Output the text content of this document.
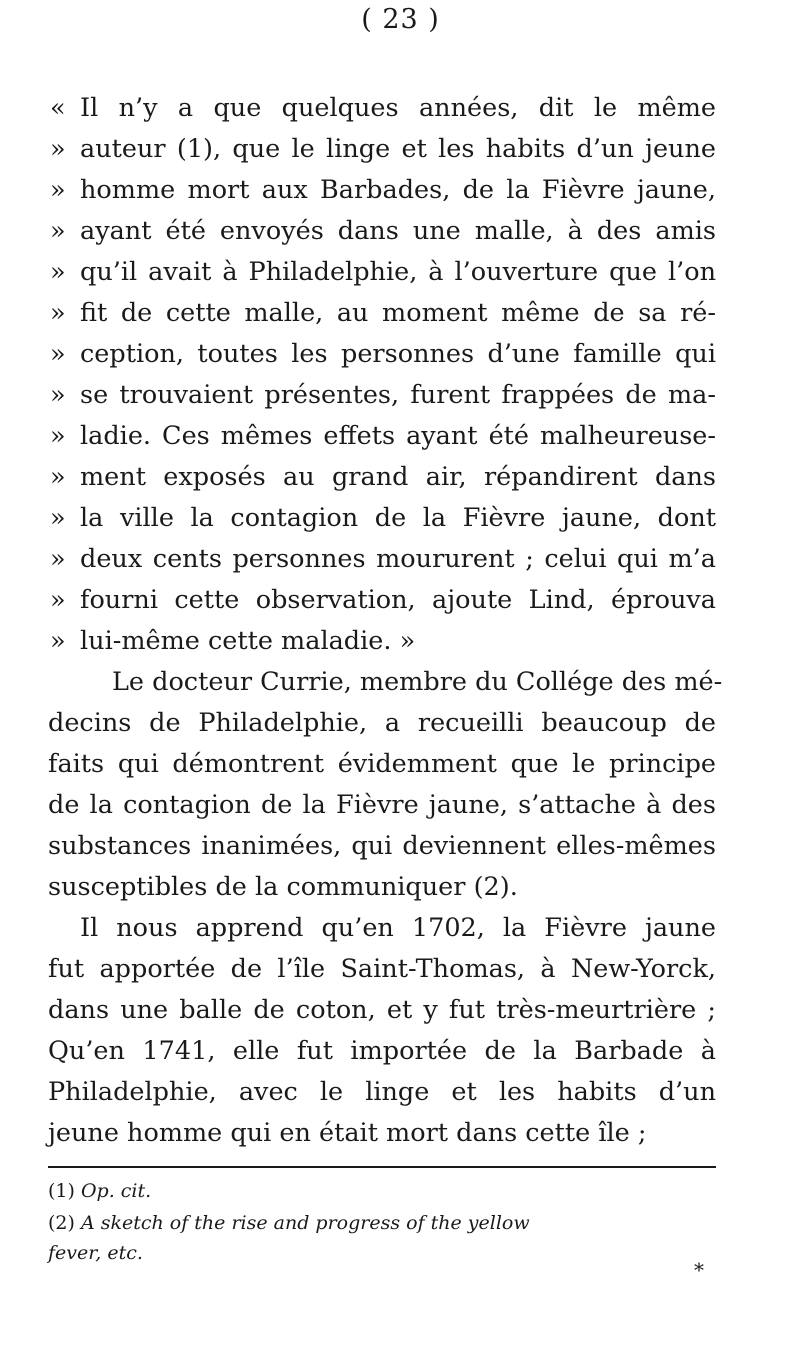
( 23 )
« Il n’y a que quelques années, dit le même
» auteur (1), que le linge et les habits d’un jeune
» homme mort aux Barbades, de la Fièvre jaune,
» ayant été envoyés dans une malle, à des amis
» qu’il avait à Philadelphie, à l’ouverture que l’on
» fit de cette malle, au moment même de sa ré-
» ception, toutes les personnes d’une famille qui
» se trouvaient présentes, furent frappées de ma-
» ladie. Ces mêmes effets ayant été malheureuse-
» ment exposés au grand air, répandirent dans
» la ville la contagion de la Fièvre jaune, dont
» deux cents personnes moururent ; celui qui m’a
» fourni cette observation, ajoute Lind, éprouva
» lui-même cette maladie. »
Le docteur Currie, membre du Collége des mé-
decins de Philadelphie, a recueilli beaucoup de
faits qui démontrent évidemment que le principe
de la contagion de la Fièvre jaune, s’attache à des
substances inanimées, qui deviennent elles-mêmes
susceptibles de la communiquer (2).
Il nous apprend qu’en 1702, la Fièvre jaune
fut apportée de l’île Saint-Thomas, à New-Yorck,
dans une balle de coton, et y fut très-meurtrière ;
Qu’en 1741, elle fut importée de la Barbade à
Philadelphie, avec le linge et les habits d’un
jeune homme qui en était mort dans cette île ;
(1) Op. cit.
(2) A sketch of the rise and progress of the yellow
fever, etc.
*
